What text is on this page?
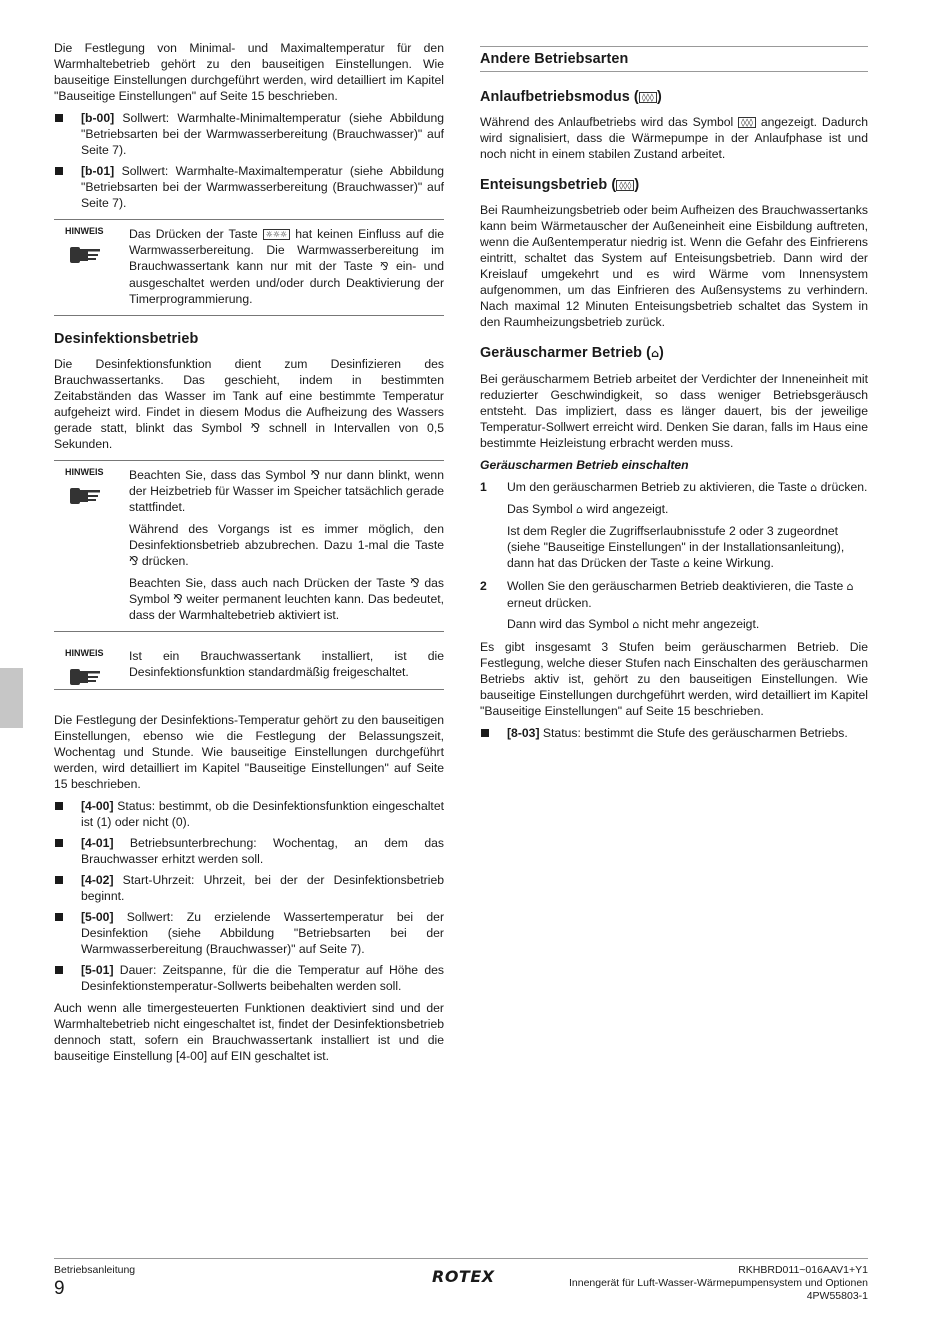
Die Festlegung von Minimal- und Maximaltemperatur für den Warmhaltebetrieb gehört zu den bauseitigen Einstellungen. Wie bauseitige Einstellungen durchgeführt werden, wird detailliert im Kapitel "Bauseitige Einstellungen" auf Seite 15 beschrieben.

[b-00] Sollwert: Warmhalte-Minimaltemperatur (siehe Abbildung "Betriebsarten bei der Warmwasserbereitung (Brauchwasser)" auf Seite 7).
[b-01] Sollwert: Warmhalte-Maximaltemperatur (siehe Abbildung "Betriebsarten bei der Warmwasserbereitung (Brauchwasser)" auf Seite 7).
HINWEIS	Das Drücken der Taste ☼☼☼ hat keinen Einfluss auf die Warmwasserbereitung. Die Warmwasserbereitung im Brauchwassertank kann nur mit der Taste ⅋ ein- und ausgeschaltet werden und/oder durch Deaktivierung der Timerprogrammierung.

Desinfektionsbetrieb

Die Desinfektionsfunktion dient zum Desinfizieren des Brauchwassertanks. Das geschieht, indem in bestimmten Zeitabständen das Wasser im Tank auf eine bestimmte Temperatur aufgeheizt wird. Findet in diesem Modus die Aufheizung des Wassers gerade statt, blinkt das Symbol ⅋ schnell in Intervallen von 0,5 Sekunden.

HINWEIS	Beachten Sie, dass das Symbol ⅋ nur dann blinkt, wenn der Heizbetrieb für Wasser im Speicher tatsächlich gerade stattfindet.

Während des Vorgangs ist es immer möglich, den Desinfektionsbetrieb abzubrechen. Dazu 1-mal die Taste ⅋ drücken.

Beachten Sie, dass auch nach Drücken der Taste ⅋ das Symbol ⅋ weiter permanent leuchten kann. Das bedeutet, dass der Warmhaltebetrieb aktiviert ist.

HINWEIS	Ist ein Brauchwassertank installiert, ist die Desinfektionsfunktion standardmäßig freigeschaltet.

Die Festlegung der Desinfektions-Temperatur gehört zu den bauseitigen Einstellungen, ebenso wie die Festlegung der Belassungszeit, Wochentag und Stunde. Wie bauseitige Einstellungen durchgeführt werden, wird detailliert im Kapitel "Bauseitige Einstellungen" auf Seite 15 beschrieben.

[4-00] Status: bestimmt, ob die Desinfektionsfunktion eingeschaltet ist (1) oder nicht (0).
[4-01] Betriebsunterbrechung: Wochentag, an dem das Brauchwasser erhitzt werden soll.
[4-02] Start-Uhrzeit: Uhrzeit, bei der der Desinfektionsbetrieb beginnt.
[5-00] Sollwert: Zu erzielende Wassertemperatur bei der Desinfektion (siehe Abbildung "Betriebsarten bei der Warmwasserbereitung (Brauchwasser)" auf Seite 7).
[5-01] Dauer: Zeitspanne, für die die Temperatur auf Höhe des Desinfektionstemperatur-Sollwerts beibehalten werden soll.

Auch wenn alle timergesteuerten Funktionen deaktiviert sind und der Warmhaltebetrieb nicht eingeschaltet ist, findet der Desinfektionsbetrieb dennoch statt, sofern ein Brauchwassertank installiert ist und die bauseitige Einstellung [4-00] auf EIN geschaltet ist.

Andere Betriebsarten
Anlaufbetriebsmodus ( ◊◊◊ )

Während des Anlaufbetriebs wird das Symbol ◊◊◊ angezeigt. Dadurch wird signalisiert, dass die Wärmepumpe in der Anlaufphase ist und noch nicht in einem stabilen Zustand arbeitet.

Enteisungsbetrieb ( ◊◊◊ )

Bei Raumheizungsbetrieb oder beim Aufheizen des Brauchwassertanks kann beim Wärmetauscher der Außeneinheit eine Eisbildung auftreten, wenn die Außentemperatur niedrig ist. Wenn die Gefahr des Einfrierens eintritt, schaltet das System auf Enteisungsbetrieb. Dann wird der Kreislauf umgekehrt und es wird Wärme vom Innensystem aufgenommen, um das Einfrieren des Außensystems zu verhindern. Nach maximal 12 Minuten Enteisungsbetrieb schaltet das System in den Raumheizungsbetrieb zurück.

Geräuscharmer Betrieb (⌂)

Bei geräuscharmem Betrieb arbeitet der Verdichter der Inneneinheit mit reduzierter Geschwindigkeit, so dass weniger Betriebsgeräusch entsteht. Das impliziert, dass es länger dauert, bis der jeweilige Temperatur-Sollwert erreicht wird. Denken Sie daran, falls im Haus eine bestimmte Heizleistung erbracht werden muss.

Geräuscharmen Betrieb einschalten
1 Um den geräuscharmen Betrieb zu aktivieren, die Taste ⌂ drücken.

Das Symbol ⌂ wird angezeigt.

Ist dem Regler die Zugriffserlaubnisstufe 2 oder 3 zugeordnet (siehe "Bauseitige Einstellungen" in der Installationsanleitung), dann hat das Drücken der Taste ⌂ keine Wirkung.

2 Wollen Sie den geräuscharmen Betrieb deaktivieren, die Taste ⌂ erneut drücken.

Dann wird das Symbol ⌂ nicht mehr angezeigt.

Es gibt insgesamt 3 Stufen beim geräuscharmen Betrieb. Die Festlegung, welche dieser Stufen nach Einschalten des geräuscharmen Betriebs aktiv ist, gehört zu den bauseitigen Einstellungen. Wie bauseitige Einstellungen durchgeführt werden, wird detailliert im Kapitel "Bauseitige Einstellungen" auf Seite 15 beschrieben.

[8-03] Status: bestimmt die Stufe des geräuscharmen Betriebs.
Betriebsanleitung
9
ROTEX	RKHBRD011~016AAV1+Y1
Innengerät für Luft-Wasser-Wärmepumpensystem und Optionen
4PW55803-1
